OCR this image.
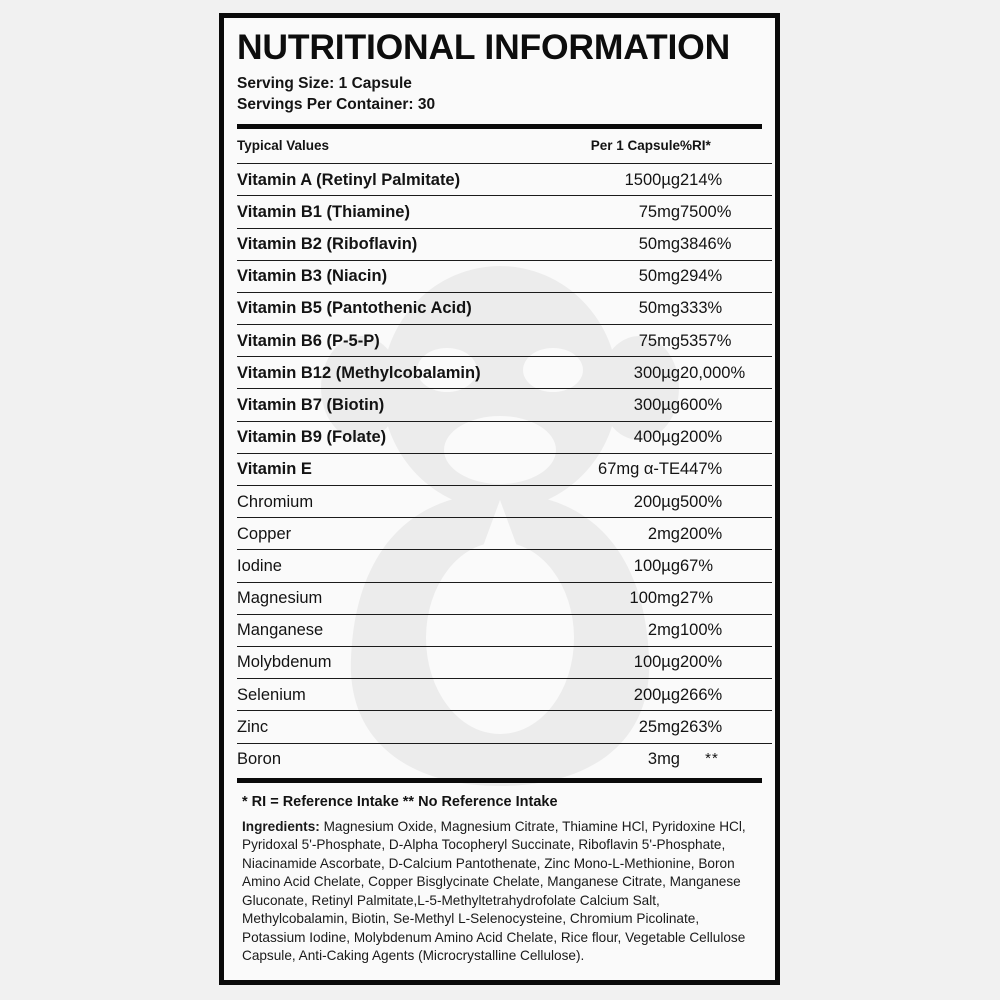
NUTRITIONAL INFORMATION
Serving Size: 1 Capsule
Servings Per Container: 30
Typical Values	Per 1 Capsule	%RI*
Vitamin A (Retinyl Palmitate)	1500µg	214%
Vitamin B1 (Thiamine)	75mg	7500%
Vitamin B2 (Riboflavin)	50mg	3846%
Vitamin B3 (Niacin)	50mg	294%
Vitamin B5 (Pantothenic Acid)	50mg	333%
Vitamin B6 (P-5-P)	75mg	5357%
Vitamin B12 (Methylcobalamin)	300µg	20,000%
Vitamin B7 (Biotin)	300µg	600%
Vitamin B9 (Folate)	400µg	200%
Vitamin E	67mg α-TE	447%
Chromium	200µg	500%
Copper	2mg	200%
Iodine	100µg	67%
Magnesium	100mg	27%
Manganese	2mg	100%
Molybdenum	100µg	200%
Selenium	200µg	266%
Zinc	25mg	263%
Boron	3mg	**
* RI = Reference Intake ** No Reference Intake
Ingredients: Magnesium Oxide, Magnesium Citrate, Thiamine HCl, Pyridoxine HCl, Pyridoxal 5ʹ-Phosphate, D-Alpha Tocopheryl Succinate, Riboflavin 5ʹ-Phosphate, Niacinamide Ascorbate, D-Calcium Pantothenate, Zinc Mono-L-Methionine, Boron Amino Acid Chelate, Copper Bisglycinate Chelate, Manganese Citrate, Manganese Gluconate, Retinyl Palmitate,L-5-Methyltetrahydrofolate Calcium Salt, Methylcobalamin, Biotin, Se-Methyl L-Selenocysteine, Chromium Picolinate, Potassium Iodine, Molybdenum Amino Acid Chelate, Rice flour, Vegetable Cellulose Capsule, Anti-Caking Agents (Microcrystalline Cellulose).
